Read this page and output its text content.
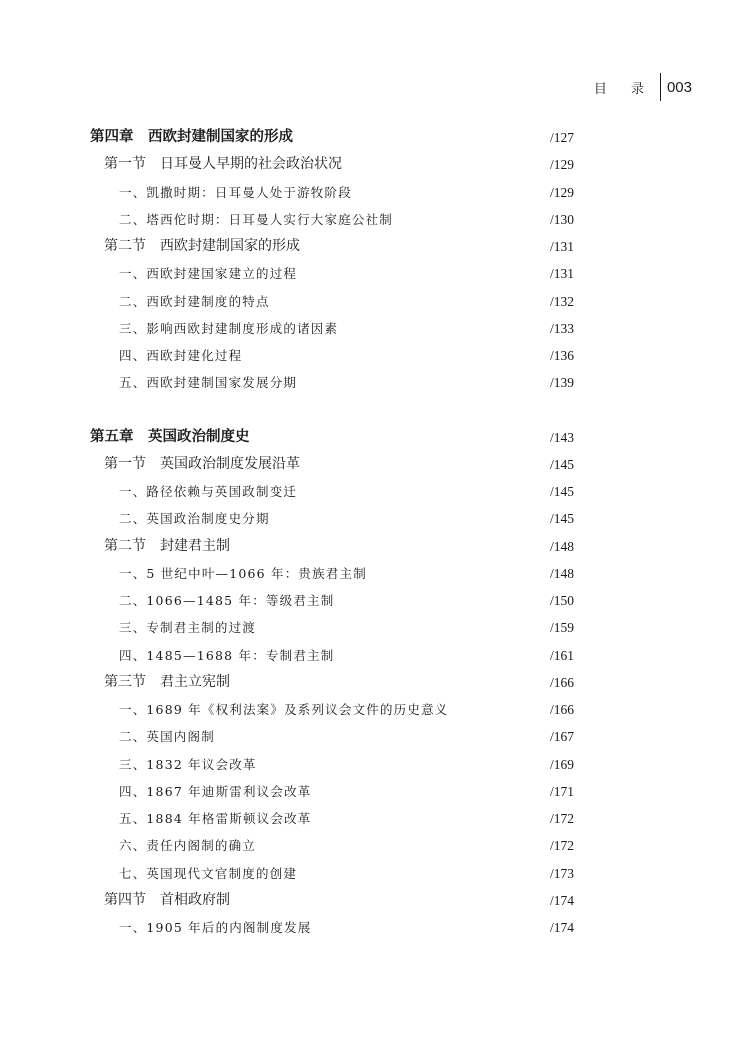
目 录 003
第四章　西欧封建制国家的形成	/127
第一节　日耳曼人早期的社会政治状况	/129
一、凯撒时期：日耳曼人处于游牧阶段	/129
二、塔西佗时期：日耳曼人实行大家庭公社制	/130
第二节　西欧封建制国家的形成	/131
一、西欧封建国家建立的过程	/131
二、西欧封建制度的特点	/132
三、影响西欧封建制度形成的诸因素	/133
四、西欧封建化过程	/136
五、西欧封建制国家发展分期	/139
第五章　英国政治制度史	/143
第一节　英国政治制度发展沿革	/145
一、路径依赖与英国政制变迁	/145
二、英国政治制度史分期	/145
第二节　封建君主制	/148
一、5 世纪中叶—1066 年：贵族君主制	/148
二、1066—1485 年：等级君主制	/150
三、专制君主制的过渡	/159
四、1485—1688 年：专制君主制	/161
第三节　君主立宪制	/166
一、1689 年《权利法案》及系列议会文件的历史意义	/166
二、英国内阁制	/167
三、1832 年议会改革	/169
四、1867 年迪斯雷利议会改革	/171
五、1884 年格雷斯顿议会改革	/172
六、责任内阁制的确立	/172
七、英国现代文官制度的创建	/173
第四节　首相政府制	/174
一、1905 年后的内阁制度发展	/174
